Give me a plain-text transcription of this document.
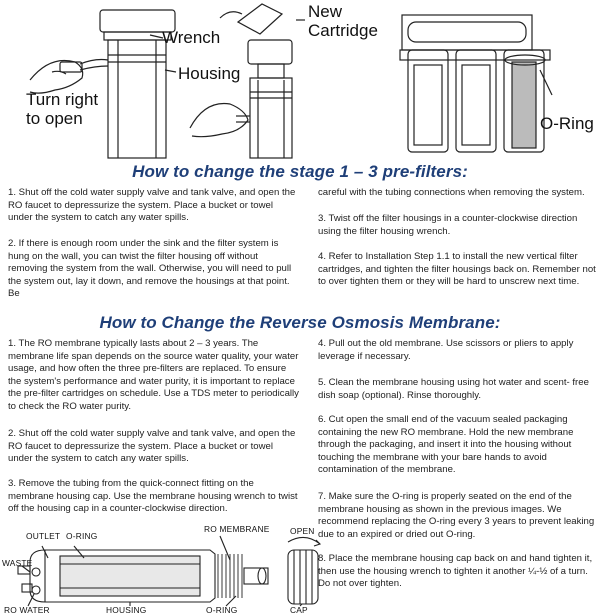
Wrench
Housing
Turn right
to open
New
Cartridge
O-Ring
How to change the stage 1 – 3 pre-filters:

1. Shut off the cold water supply valve and tank valve, and open the RO faucet to depressurize the system. Place a bucket or towel under the system to catch any water spills.

2. If there is enough room under the sink and the filter system is hung on the wall, you can twist the filter housing off without removing the system from the wall. Otherwise, you will need to pull the system out, lay it down, and remove the housings at that point. Be

careful with the tubing connections when removing the system.

3. Twist off the filter housings in a counter-clockwise direction using the filter housing wrench.

4. Refer to Installation Step 1.1 to install the new vertical filter cartridges, and tighten the filter housings back on. Remember not to over tighten them or they will be hard to unscrew next time.

How to Change the Reverse Osmosis Membrane:

1. The RO membrane typically lasts about 2 – 3 years. The membrane life span depends on the source water quality, your water usage, and how often the three pre-filters are replaced. To ensure the system's performance and water purity, it is important to replace the pre-filter cartridges on schedule. Use a TDS meter to periodically to check the RO water purity.

2. Shut off the cold water supply valve and tank valve, and open the RO faucet to depressurize the system. Place a bucket or towel under the system to catch any water spills.

3. Remove the tubing from the quick-connect fitting on the membrane housing cap. Use the membrane housing wrench to twist off the housing cap in a counter-clockwise direction.

4. Pull out the old membrane. Use scissors or pliers to apply leverage if necessary.

5. Clean the membrane housing using hot water and scent- free dish soap (optional). Rinse thoroughly.

6. Cut open the small end of the vacuum sealed packaging containing the new RO membrane. Hold the new membrane through the packaging, and insert it into the housing without touching the membrane with your bare hands to avoid contamination of the membrane.

7. Make sure the O-ring is properly seated on the end of the membrane housing as shown in the previous images. We recommend replacing the O-ring every 3 years to prevent leaking due to an expired or dried out O-ring.

8. Place the membrane housing cap back on and hand tighten it, then use the housing wrench to tighten it another ¼-½ of a turn. Do not over tighten.

OUTLET O-RING
RO MEMBRANE OPEN
WASTE
RO WATER	HOUSING	O-RING	CAP
